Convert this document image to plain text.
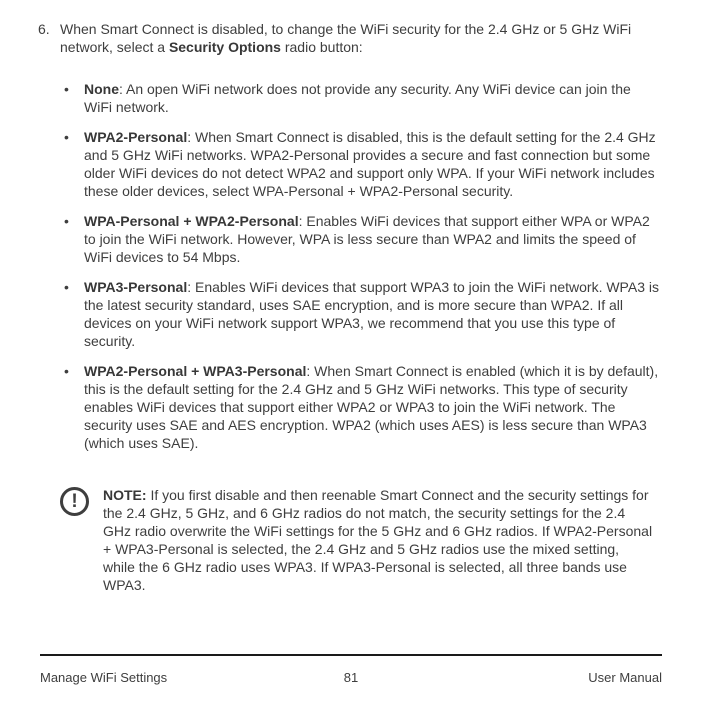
6. When Smart Connect is disabled, to change the WiFi security for the 2.4 GHz or 5 GHz WiFi network, select a Security Options radio button:

•	None: An open WiFi network does not provide any security. Any WiFi device can join the WiFi network.
•	WPA2-Personal: When Smart Connect is disabled, this is the default setting for the 2.4 GHz and 5 GHz WiFi networks. WPA2-Personal provides a secure and fast connection but some older WiFi devices do not detect WPA2 and support only WPA. If your WiFi network includes these older devices, select WPA-Personal + WPA2-Personal security.
•	WPA-Personal + WPA2-Personal: Enables WiFi devices that support either WPA or WPA2 to join the WiFi network. However, WPA is less secure than WPA2 and limits the speed of WiFi devices to 54 Mbps.
•	WPA3-Personal: Enables WiFi devices that support WPA3 to join the WiFi network. WPA3 is the latest security standard, uses SAE encryption, and is more secure than WPA2. If all devices on your WiFi network support WPA3, we recommend that you use this type of security.
•	WPA2-Personal + WPA3-Personal: When Smart Connect is enabled (which it is by default), this is the default setting for the 2.4 GHz and 5 GHz WiFi networks. This type of security enables WiFi devices that support either WPA2 or WPA3 to join the WiFi network. The security uses SAE and AES encryption. WPA2 (which uses AES) is less secure than WPA3 (which uses SAE).
!	NOTE: If you first disable and then reenable Smart Connect and the security settings for the 2.4 GHz, 5 GHz, and 6 GHz radios do not match, the security settings for the 2.4 GHz radio overwrite the WiFi settings for the 5 GHz and 6 GHz radios. If WPA2-Personal + WPA3-Personal is selected, the 2.4 GHz and 5 GHz radios use the mixed setting, while the 6 GHz radio uses WPA3. If WPA3-Personal is selected, all three bands use WPA3.

Manage WiFi Settings	81	User Manual
